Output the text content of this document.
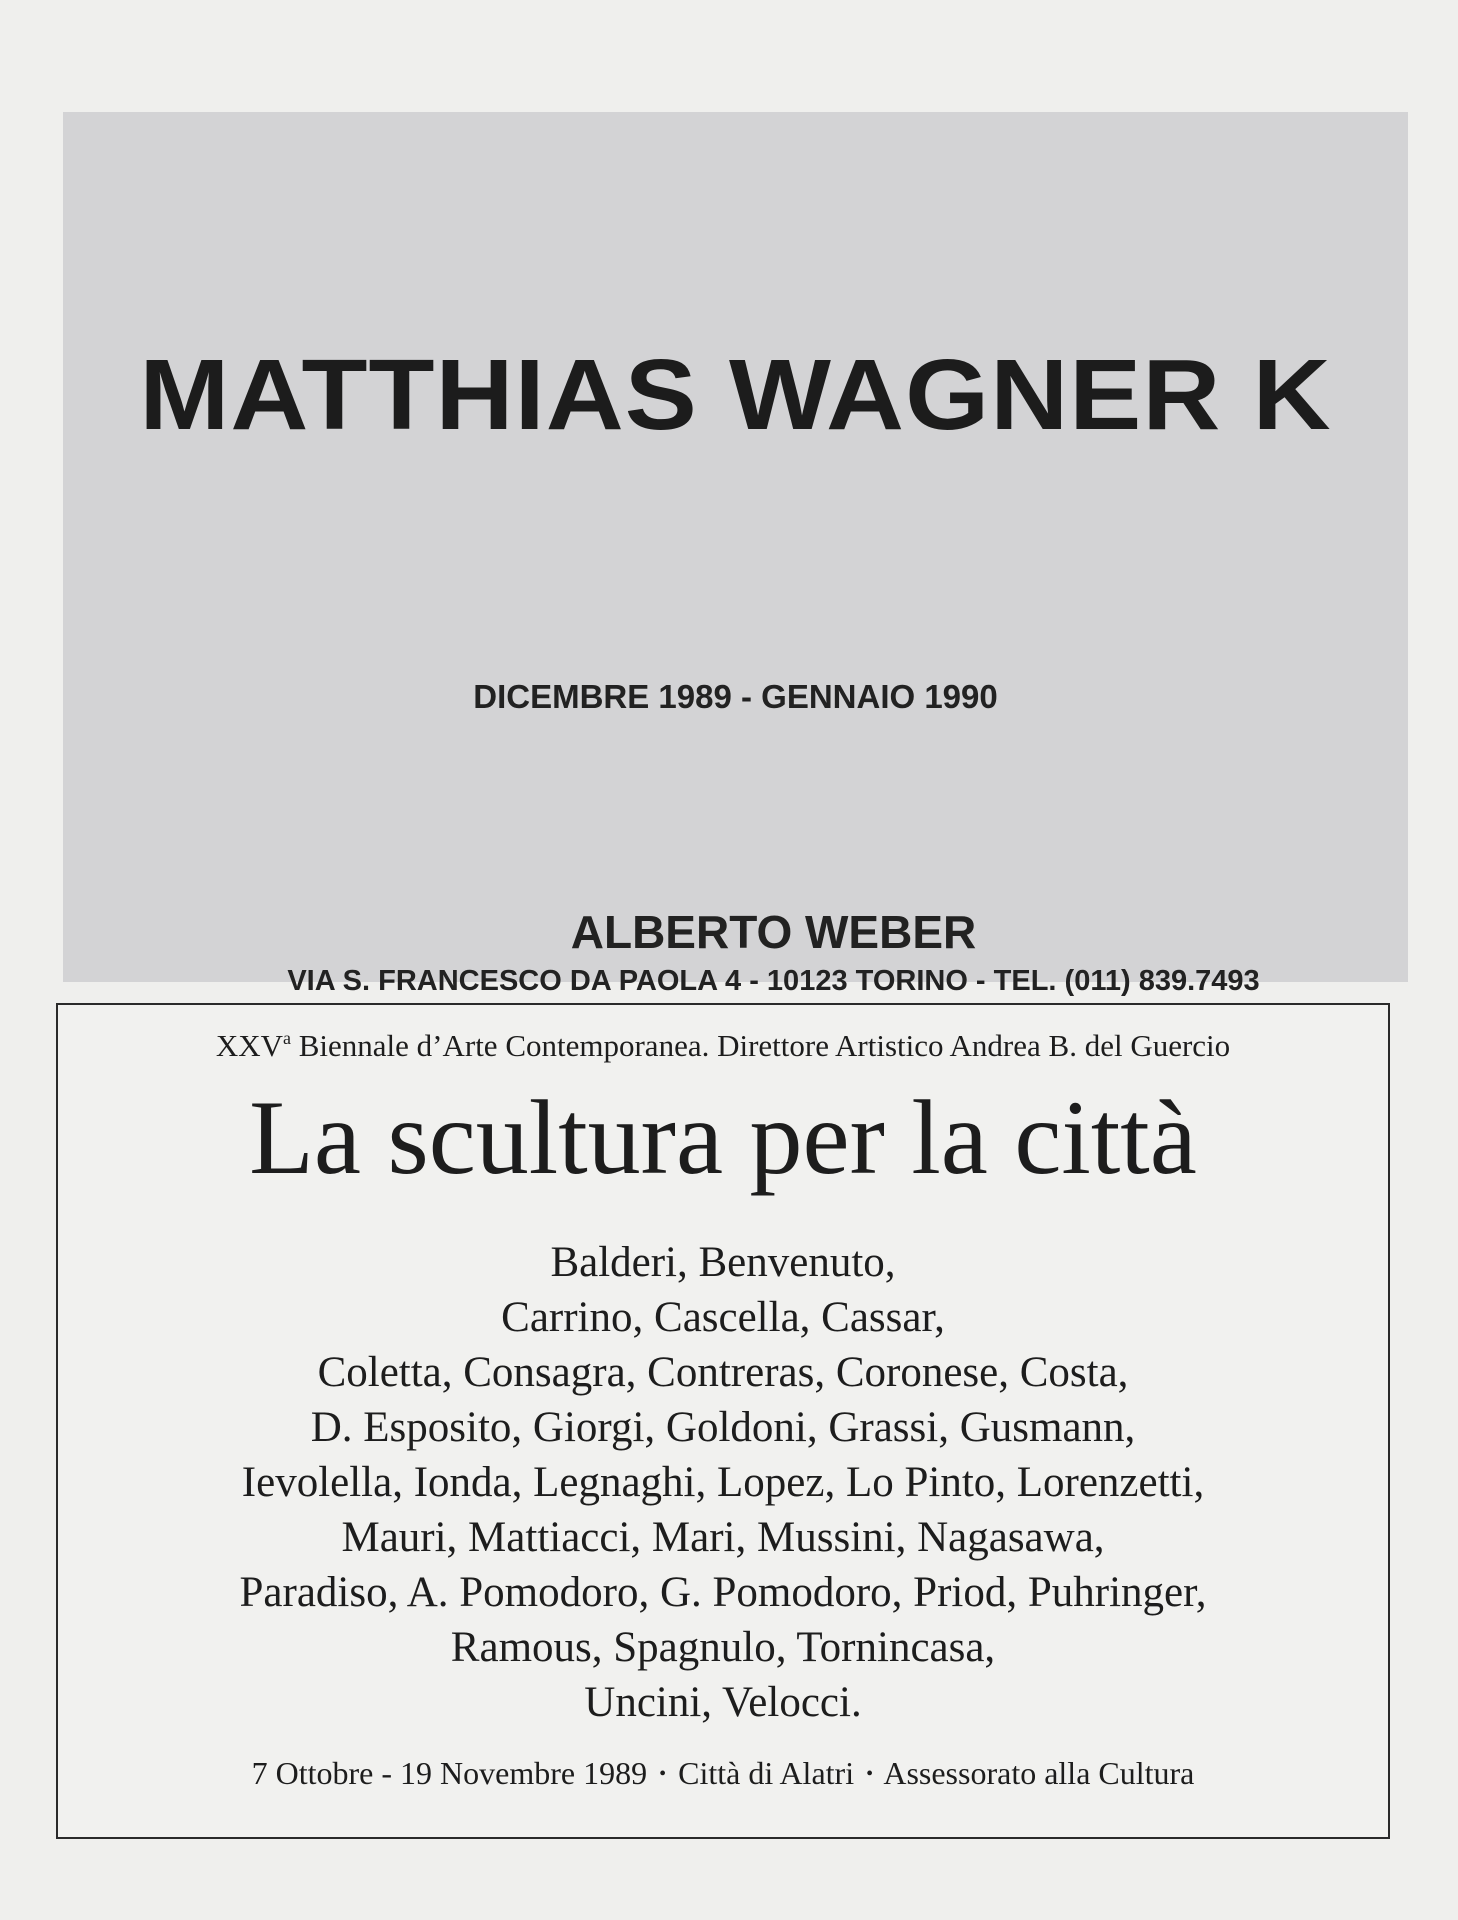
MATTHIAS WAGNER K
DICEMBRE 1989 - GENNAIO 1990
ALBERTO WEBER
VIA S. FRANCESCO DA PAOLA 4 - 10123 TORINO - TEL. (011) 839.7493
XXV$^a$ Biennale d’Arte Contemporanea. Direttore Artistico Andrea B. del Guercio
La scultura per la città
Balderi, Benvenuto,
Carrino, Cascella, Cassar,
Coletta, Consagra, Contreras, Coronese, Costa,
D. Esposito, Giorgi, Goldoni, Grassi, Gusmann,
Ievolella, Ionda, Legnaghi, Lopez, Lo Pinto, Lorenzetti,
Mauri, Mattiacci, Mari, Mussini, Nagasawa,
Paradiso, A. Pomodoro, G. Pomodoro, Priod, Puhringer,
Ramous, Spagnulo, Tornincasa,
Uncini, Velocci.
7 Ottobre - 19 Novembre 1989 • Città di Alatri • Assessorato alla Cultura
